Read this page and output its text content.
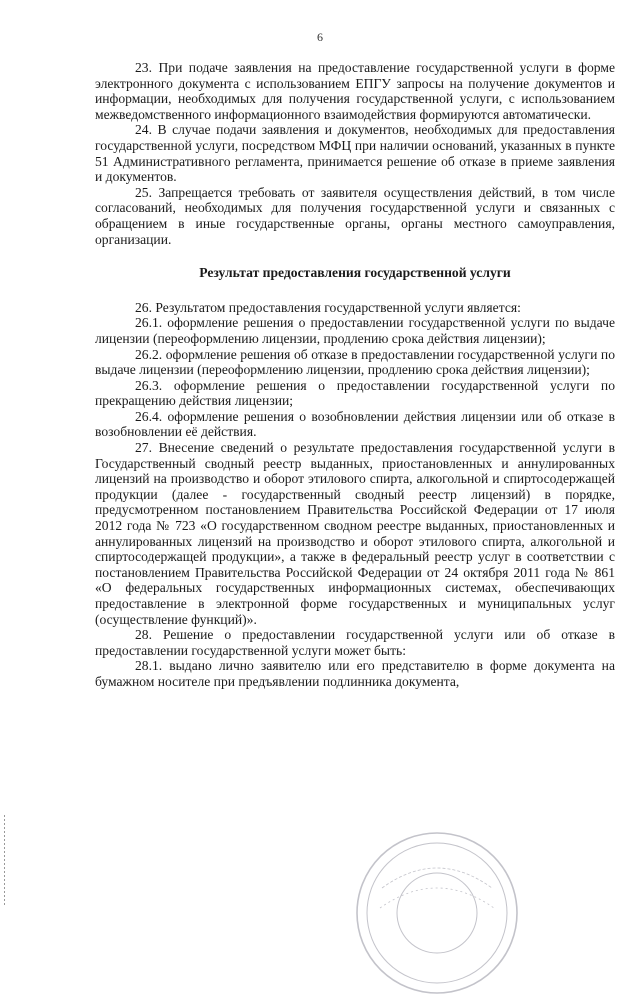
6

23. При подаче заявления на предоставление государственной услуги в форме электронного документа с использованием ЕПГУ запросы на получение документов и информации, необходимых для получения государственной услуги, с использованием межведомственного информационного взаимодействия формируются автоматически.

24. В случае подачи заявления и документов, необходимых для предоставления государственной услуги, посредством МФЦ при наличии оснований, указанных в пункте 51 Административного регламента, принимается решение об отказе в приеме заявления и документов.

25. Запрещается требовать от заявителя осуществления действий, в том числе согласований, необходимых для получения государственной услуги и связанных с обращением в иные государственные органы, органы местного самоуправления, организации.

Результат предоставления государственной услуги

26. Результатом предоставления государственной услуги является:

26.1. оформление решения о предоставлении государственной услуги по выдаче лицензии (переоформлению лицензии, продлению срока действия лицензии);

26.2. оформление решения об отказе в предоставлении государственной услуги по выдаче лицензии (переоформлению лицензии, продлению срока действия лицензии);

26.3. оформление решения о предоставлении государственной услуги по прекращению действия лицензии;

26.4. оформление решения о возобновлении действия лицензии или об отказе в возобновлении её действия.

27. Внесение сведений о результате предоставления государственной услуги в Государственный сводный реестр выданных, приостановленных и аннулированных лицензий на производство и оборот этилового спирта, алкогольной и спиртосодержащей продукции (далее - государственный сводный реестр лицензий) в порядке, предусмотренном постановлением Правительства Российской Федерации от 17 июля 2012 года № 723 «О государственном сводном реестре выданных, приостановленных и аннулированных лицензий на производство и оборот этилового спирта, алкогольной и спиртосодержащей продукции», а также в федеральный реестр услуг в соответствии с постановлением Правительства Российской Федерации от 24 октября 2011 года № 861 «О федеральных государственных информационных системах, обеспечивающих предоставление в электронной форме государственных и муниципальных услуг (осуществление функций)».

28. Решение о предоставлении государственной услуги или об отказе в предоставлении государственной услуги может быть:

28.1. выдано лично заявителю или его представителю в форме документа на бумажном носителе при предъявлении подлинника документа,
